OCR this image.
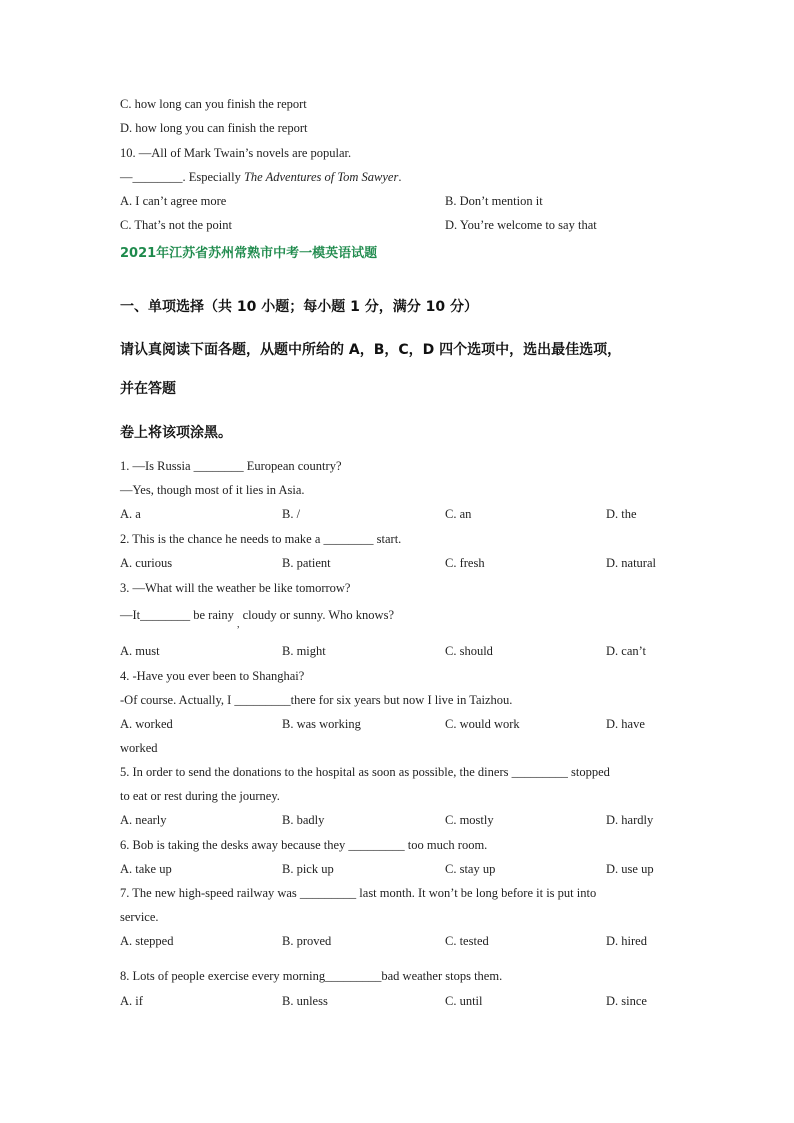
C. how long can you finish the report
D. how long you can finish the report
10. —All of Mark Twain’s novels are popular.
—________. Especially The Adventures of Tom Sawyer.
A. I can’t agree more	B. Don’t mention it
C. That’s not the point	D. You’re welcome to say that
2021年江苏省苏州常熟市中考一模英语试题
一、单项选择（共 10 小题；每小题 1 分，满分 10 分）
请认真阅读下面各题，从题中所给的 A，B，C，D 四个选项中，选出最佳选项，
并在答题
卷上将该项涂黑。
1. —Is Russia ________ European country?
—Yes, though most of it lies in Asia.
A. a	B. /	C. an	D. the
2. This is the chance he needs to make a ________ start.
A. curious	B. patient	C. fresh	D. natural
3. —What will the weather be like tomorrow?
—It________ be rainy $_,$ cloudy or sunny. Who knows?
A. must	B. might	C. should	D. can’t
4. -Have you ever been to Shanghai?
-Of course. Actually, I _________there for six years but now I live in Taizhou.
A. worked	B. was working	C. would work	D. have
worked
5. In order to send the donations to the hospital as soon as possible, the diners _________ stopped
to eat or rest during the journey.
A. nearly	B. badly	C. mostly	D. hardly
6. Bob is taking the desks away because they _________ too much room.
A. take up	B. pick up	C. stay up	D. use up
7. The new high-speed railway was _________ last month. It won’t be long before it is put into
service.
A. stepped	B. proved	C. tested	D. hired
8. Lots of people exercise every morning_________bad weather stops them.
A. if	B. unless	C. until	D. since
